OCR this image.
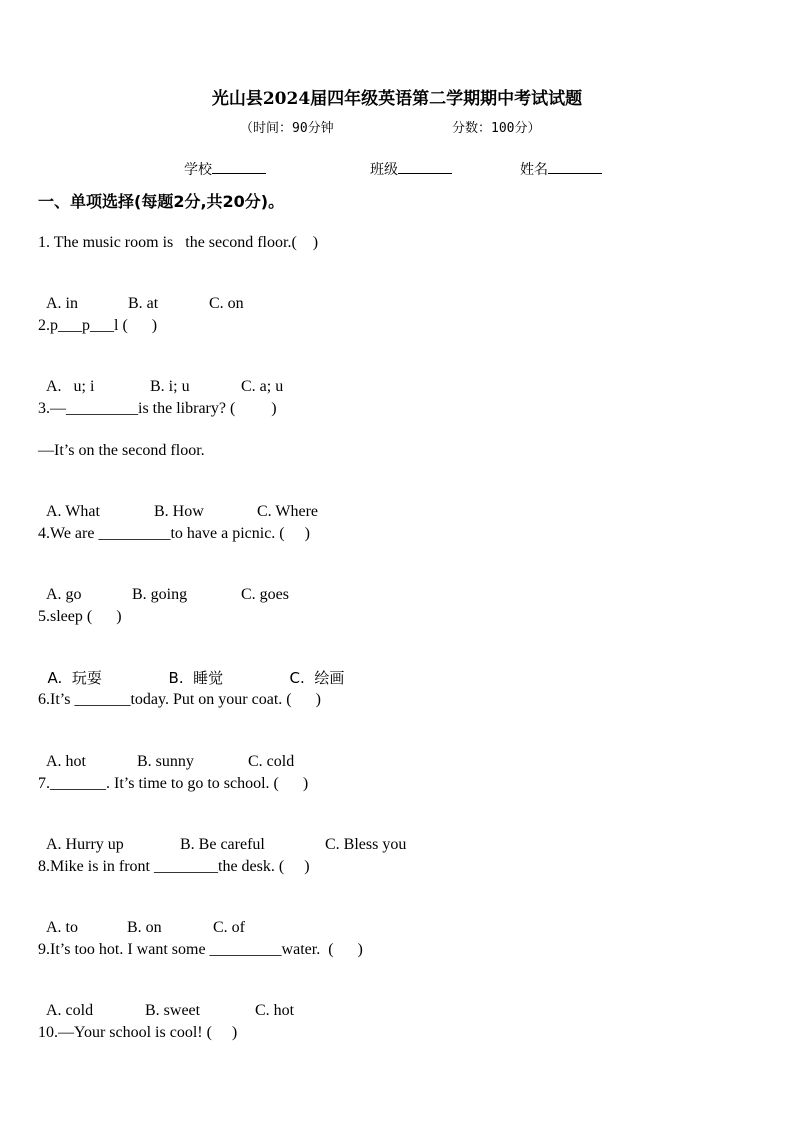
光山县2024届四年级英语第二学期期中考试试题
（时间：90分钟	分数：100分）
学校	班级	姓名
一、单项选择(每题2分,共20分)。
1. The music room is   the second floor.(    )

A. in	B. at	C. on

2.p___p___l (      )

A.   u; i	B. i; u	C. a; u

3.—_________is the library? (         )
—It’s on the second floor.

A. What	B. How	C. Where

4.We are _________to have a picnic. (     )

A. go	B. going	C. goes

5.sleep (      )

A.  玩耍	B.  睡觉	C.  绘画

6.It’s _______today. Put on your coat. (      )

A. hot	B. sunny	C. cold

7._______. It’s time to go to school. (      )

A. Hurry up	B. Be careful	C. Bless you

8.Mike is in front ________the desk. (     )

A. to	B. on	C. of

9.It’s too hot. I want some _________water.  (      )

A. cold	B. sweet	C. hot

10.—Your school is cool! (     )
